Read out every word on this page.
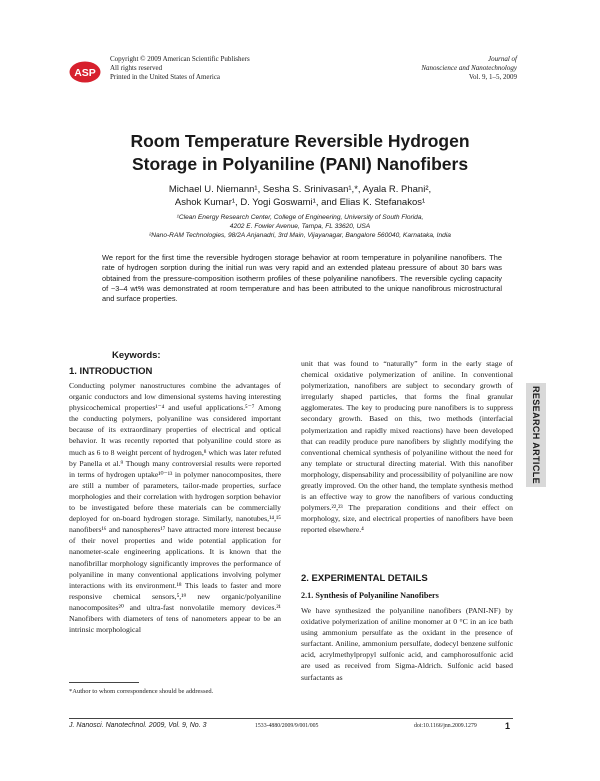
ASP
Copyright © 2009 American Scientific Publishers
All rights reserved
Printed in the United States of America
Journal of
Nanoscience and Nanotechnology
Vol. 9, 1–5, 2009
Room Temperature Reversible Hydrogen
Storage in Polyaniline (PANI) Nanofibers
Michael U. Niemann¹, Sesha S. Srinivasan¹,*, Ayala R. Phani²,
Ashok Kumar¹, D. Yogi Goswami¹, and Elias K. Stefanakos¹
¹Clean Energy Research Center, College of Engineering, University of South Florida,
4202 E. Fowler Avenue, Tampa, FL 33620, USA
²Nano-RAM Technologies, 98/2A Anjanadri, 3rd Main, Vijayanagar, Bangalore 560040, Karnataka, India
We report for the first time the reversible hydrogen storage behavior at room temperature in polyaniline nanofibers. The rate of hydrogen sorption during the initial run was very rapid and an extended plateau pressure of about 30 bars was obtained from the pressure-composition isotherm profiles of these polyaniline nanofibers. The reversible cycling capacity of ~3–4 wt% was demonstrated at room temperature and has been attributed to the unique nanofibrous microstructural and surface properties.
Keywords:
1. INTRODUCTION
Conducting polymer nanostructures combine the advantages of organic conductors and low dimensional systems having interesting physicochemical properties¹⁻⁴ and useful applications.⁵⁻⁷ Among the conducting polymers, polyaniline was considered important because of its extraordinary properties of electrical and optical behavior. It was recently reported that polyaniline could store as much as 6 to 8 weight percent of hydrogen,⁸ which was later refuted by Panella et al.⁹ Though many controversial results were reported in terms of hydrogen uptake¹⁰⁻¹³ in polymer nanocomposites, there are still a number of parameters, tailor-made properties, surface morphologies and their correlation with hydrogen sorption behavior to be investigated before these materials can be commercially deployed for on-board hydrogen storage. Similarly, nanotubes,¹⁴,¹⁵ nanofibers¹⁶ and nanospheres¹⁷ have attracted more interest because of their novel properties and wide potential application for nanometer-scale engineering applications. It is known that the nanofibrillar morphology significantly improves the performance of polyaniline in many conventional applications involving polymer interactions with its environment.¹⁸ This leads to faster and more responsive chemical sensors,⁵,¹⁹ new organic/polyaniline nanocomposites²⁰ and ultra-fast nonvolatile memory devices.²¹ Nanofibers with diameters of tens of nanometers appear to be an intrinsic morphological
unit that was found to “naturally” form in the early stage of chemical oxidative polymerization of aniline. In conventional polymerization, nanofibers are subject to secondary growth of irregularly shaped particles, that forms the final granular agglomerates. The key to producing pure nanofibers is to suppress secondary growth. Based on this, two methods (interfacial polymerization and rapidly mixed reactions) have been developed that can readily produce pure nanofibers by slightly modifying the conventional chemical synthesis of polyaniline without the need for any template or structural directing material. With this nanofiber morphology, dispensability and processibility of polyaniline are now greatly improved. On the other hand, the template synthesis method is an effective way to grow the nanofibers of various conducting polymers.²²,²³ The preparation conditions and their effect on morphology, size, and electrical properties of nanofibers have been reported elsewhere.⁴
2. EXPERIMENTAL DETAILS
2.1. Synthesis of Polyaniline Nanofibers
We have synthesized the polyaniline nanofibers (PANI-NF) by oxidative polymerization of aniline monomer at 0 °C in an ice bath using ammonium persulfate as the oxidant in the presence of surfactant. Aniline, ammonium persulfate, dodecyl benzene sulfonic acid, acrylmethylpropyl sulfonic acid, and camphorosulfonic acid are used as received from Sigma-Aldrich. Sulfonic acid based surfactants as
*Author to whom correspondence should be addressed.
RESEARCH ARTICLE
J. Nanosci. Nanotechnol. 2009, Vol. 9, No. 3	1533-4880/2009/9/001/005	doi:10.1166/jnn.2009.1279	1
